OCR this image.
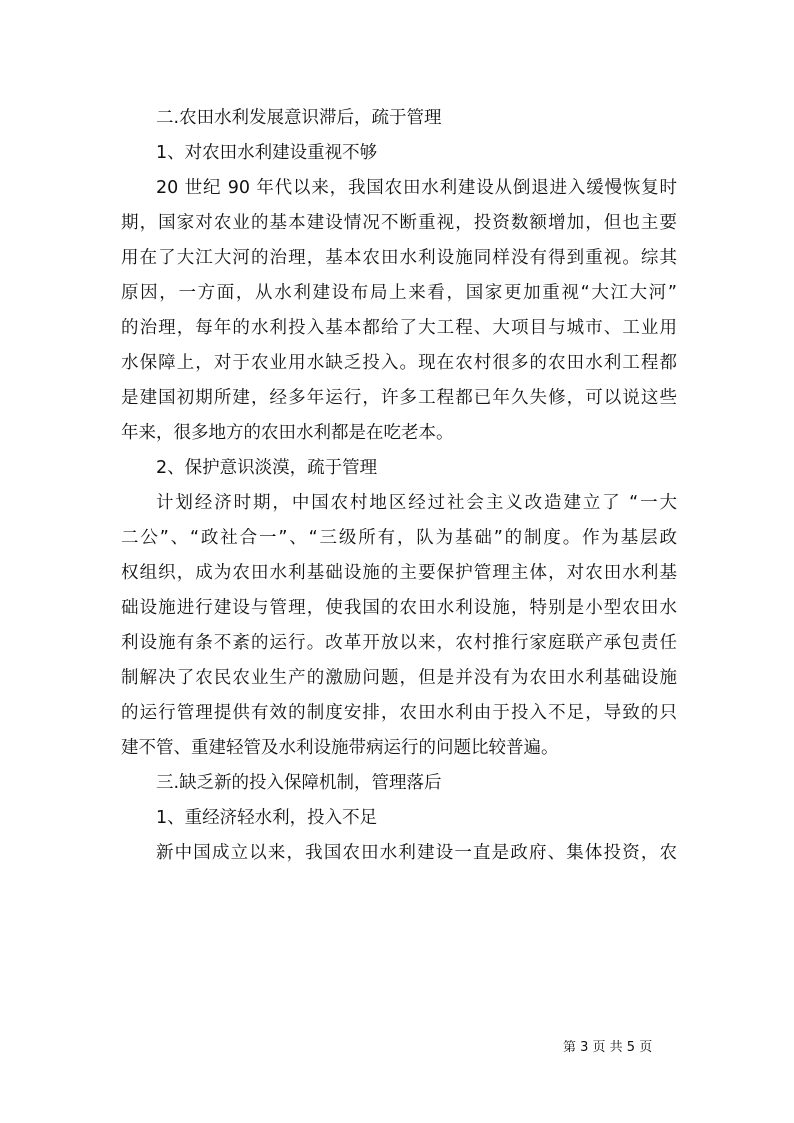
二.农田水利发展意识滞后，疏于管理
1、对农田水利建设重视不够
20 世纪 90 年代以来，我国农田水利建设从倒退进入缓慢恢复时
期，国家对农业的基本建设情况不断重视，投资数额增加，但也主要
用在了大江大河的治理，基本农田水利设施同样没有得到重视。综其
原因，一方面，从水利建设布局上来看，国家更加重视“大江大河”
的治理，每年的水利投入基本都给了大工程、大项目与城市、工业用
水保障上，对于农业用水缺乏投入。现在农村很多的农田水利工程都
是建国初期所建，经多年运行，许多工程都已年久失修，可以说这些
年来，很多地方的农田水利都是在吃老本。
2、保护意识淡漠，疏于管理
计划经济时期，中国农村地区经过社会主义改造建立了 “一大
二公”、“政社合一”、“三级所有，队为基础”的制度。作为基层政
权组织，成为农田水利基础设施的主要保护管理主体，对农田水利基
础设施进行建设与管理，使我国的农田水利设施，特别是小型农田水
利设施有条不紊的运行。改革开放以来，农村推行家庭联产承包责任
制解决了农民农业生产的激励问题，但是并没有为农田水利基础设施
的运行管理提供有效的制度安排，农田水利由于投入不足，导致的只
建不管、重建轻管及水利设施带病运行的问题比较普遍。
三.缺乏新的投入保障机制，管理落后
1、重经济轻水利，投入不足
新中国成立以来，我国农田水利建设一直是政府、集体投资，农
第 3 页 共 5 页
